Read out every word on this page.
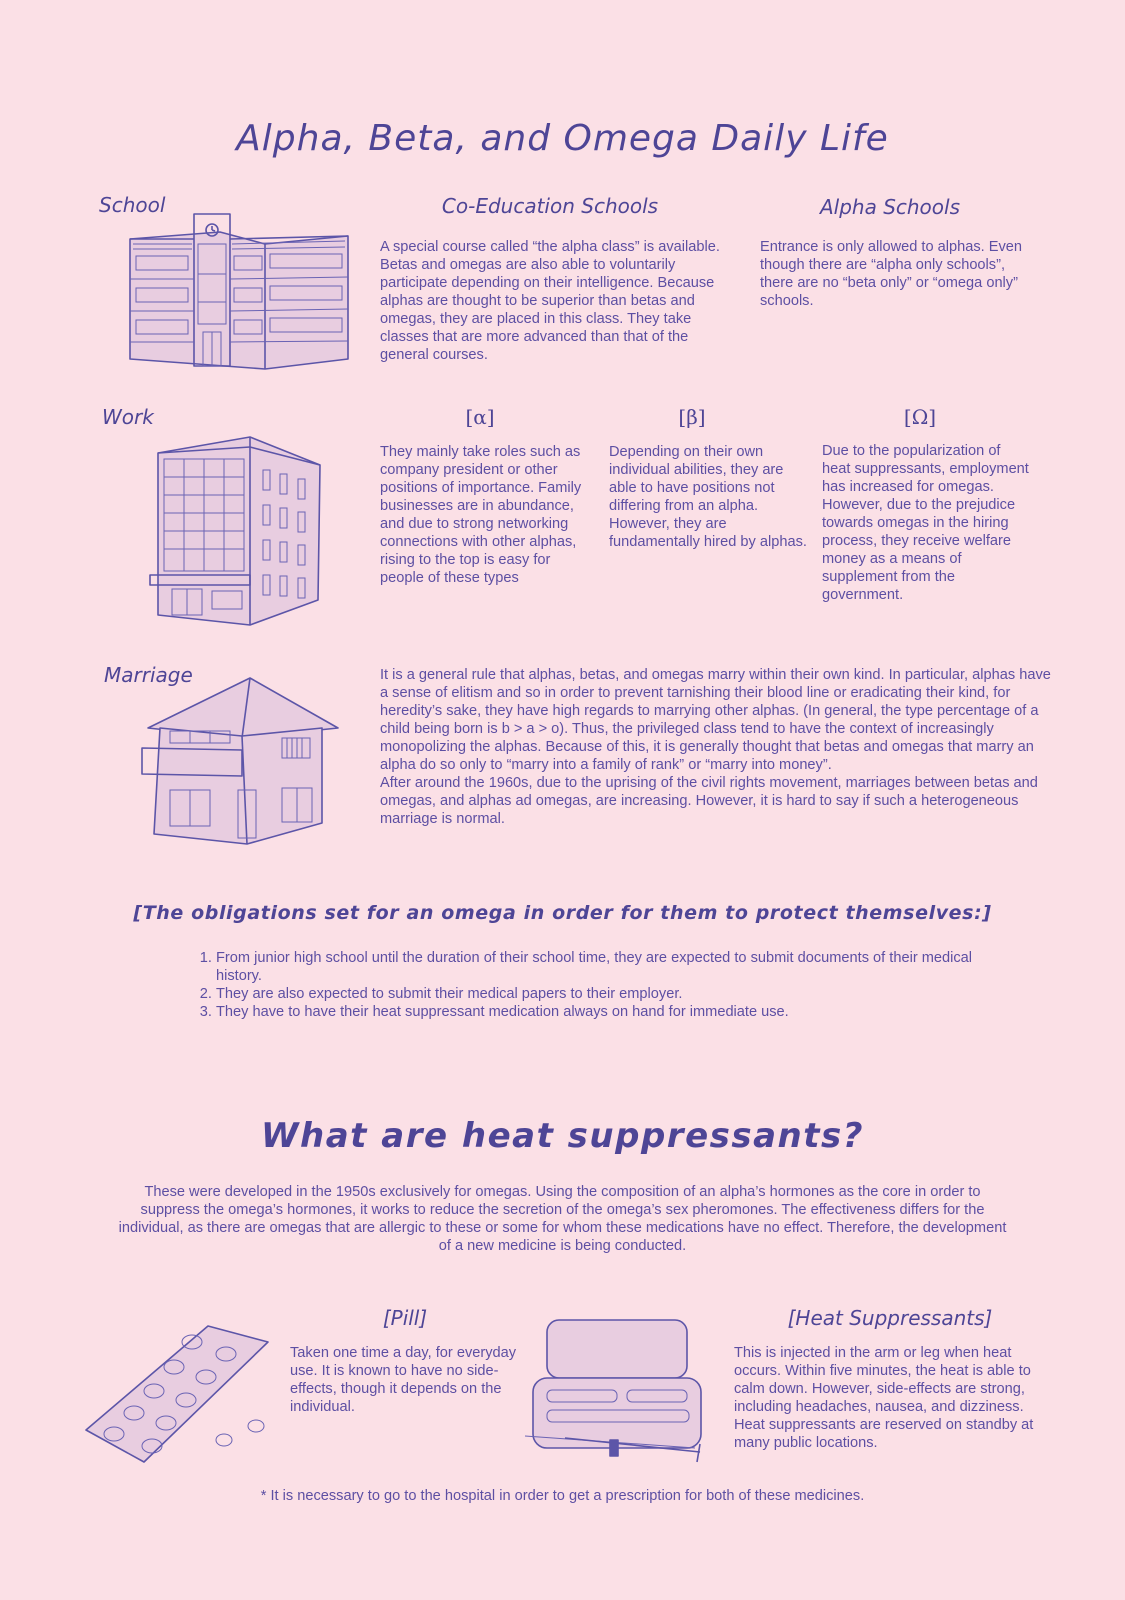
Alpha, Beta, and Omega Daily Life
School	Co-Education Schools
A special course called “the alpha class” is available. Betas and omegas are also able to voluntarily participate depending on their intelligence. Because alphas are thought to be superior than betas and omegas, they are placed in this class. They take classes that are more advanced than that of the general courses.
Alpha Schools
Entrance is only allowed to alphas. Even though there are “alpha only schools”, there are no “beta only” or “omega only” schools.
Work	[α]
They mainly take roles such as company president or other positions of importance. Family businesses are in abundance, and due to strong networking connections with other alphas, rising to the top is easy for people of these types
[β]
Depending on their own individual abilities, they are able to have positions not differing from an alpha. However, they are fundamentally hired by alphas.
[Ω]
Due to the popularization of heat suppressants, employment has increased for omegas. However, due to the prejudice towards omegas in the hiring process, they receive welfare money as a means of supplement from the government.
Marriage	It is a general rule that alphas, betas, and omegas marry within their own kind. In particular, alphas have a sense of elitism and so in order to prevent tarnishing their blood line or eradicating their kind, for heredity’s sake, they have high regards to marrying other alphas. (In general, the type percentage of a child being born is b > a > o). Thus, the privileged class tend to have the context of increasingly monopolizing the alphas. Because of this, it is generally thought that betas and omegas that marry an alpha do so only to “marry into a family of rank” or “marry into money”.
After around the 1960s, due to the uprising of the civil rights movement, marriages between betas and omegas, and alphas ad omegas, are increasing. However, it is hard to say if such a heterogeneous marriage is normal.
[The obligations set for an omega in order for them to protect themselves:]
1. From junior high school until the duration of their school time, they are expected to submit documents of their medical history.
2. They are also expected to submit their medical papers to their employer.
3. They have to have their heat suppressant medication always on hand for immediate use.
What are heat suppressants?
These were developed in the 1950s exclusively for omegas. Using the composition of an alpha’s hormones as the core in order to suppress the omega’s hormones, it works to reduce the secretion of the omega’s sex pheromones. The effectiveness differs for the individual, as there are omegas that are allergic to these or some for whom these medications have no effect. Therefore, the development of a new medicine is being conducted.
[Pill]
Taken one time a day, for everyday use. It is known to have no side-effects, though it depends on the individual.
[Heat Suppressants]
This is injected in the arm or leg when heat occurs. Within five minutes, the heat is able to calm down. However, side-effects are strong, including headaches, nausea, and dizziness. Heat suppressants are reserved on standby at many public locations.
* It is necessary to go to the hospital in order to get a prescription for both of these medicines.
